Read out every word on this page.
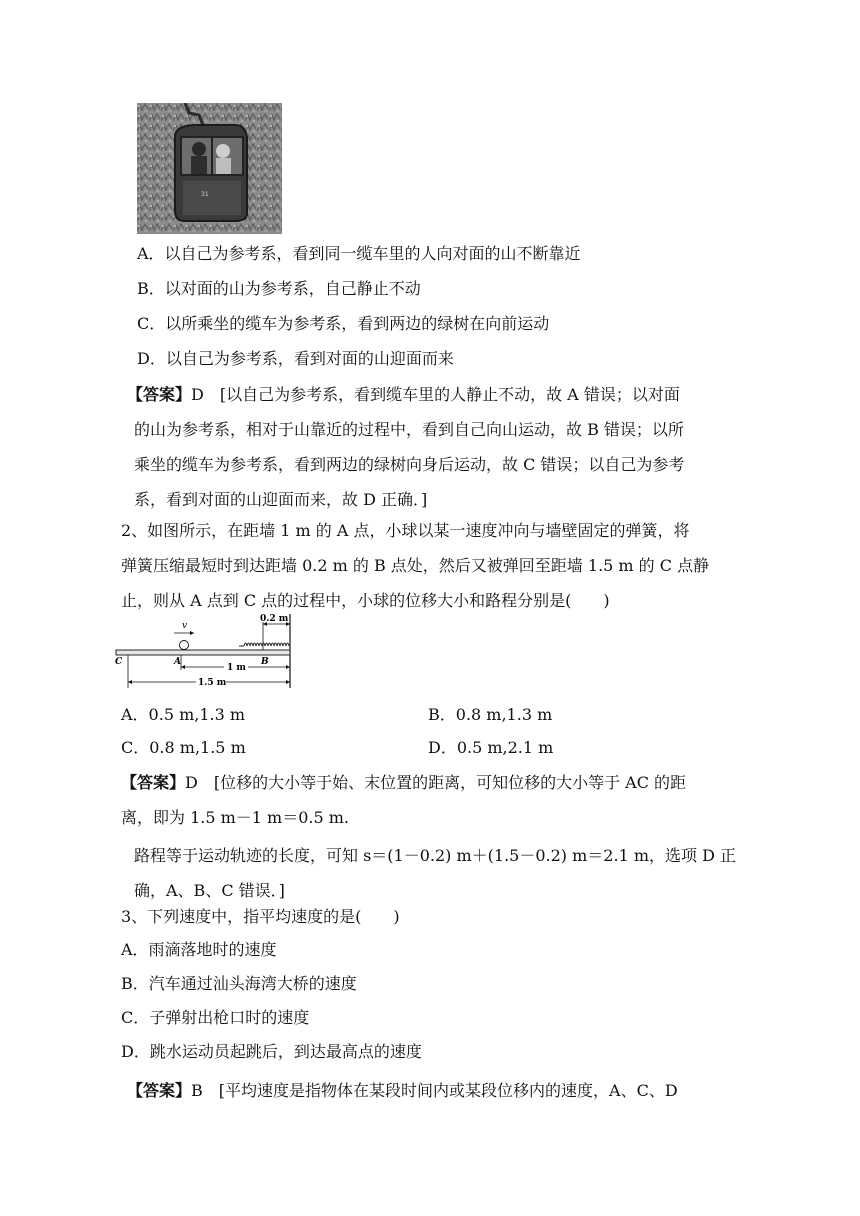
31
A．以自己为参考系，看到同一缆车里的人向对面的山不断靠近
B．以对面的山为参考系，自己静止不动
C．以所乘坐的缆车为参考系，看到两边的绿树在向前运动
D．以自己为参考系，看到对面的山迎面而来
【答案】D　[以自己为参考系，看到缆车里的人静止不动，故 A 错误；以对面
的山为参考系，相对于山靠近的过程中，看到自己向山运动，故 B 错误；以所
乘坐的缆车为参考系，看到两边的绿树向身后运动，故 C 错误；以自己为参考
系，看到对面的山迎面而来，故 D 正确．]
2、如图所示，在距墙 1 m 的 A 点，小球以某一速度冲向与墙壁固定的弹簧，将
弹簧压缩最短时到达距墙 0.2 m 的 B 点处，然后又被弹回至距墙 1.5 m 的 C 点静
止，则从 A 点到 C 点的过程中，小球的位移大小和路程分别是(　　)
0.2 m
v
C	A	B
1 m
1.5 m
A．0.5 m,1.3 m	B．0.8 m,1.3 m
C．0.8 m,1.5 m	D．0.5 m,2.1 m
【答案】D　[位移的大小等于始、末位置的距离，可知位移的大小等于 AC 的距
离，即为 1.5 m－1 m＝0.5 m.
路程等于运动轨迹的长度，可知 s＝(1－0.2) m＋(1.5－0.2) m＝2.1 m，选项 D 正
确，A、B、C 错误．]
3、下列速度中，指平均速度的是(　　)
A．雨滴落地时的速度
B．汽车通过汕头海湾大桥的速度
C．子弹射出枪口时的速度
D．跳水运动员起跳后，到达最高点的速度
【答案】B　[平均速度是指物体在某段时间内或某段位移内的速度，A、C、D
